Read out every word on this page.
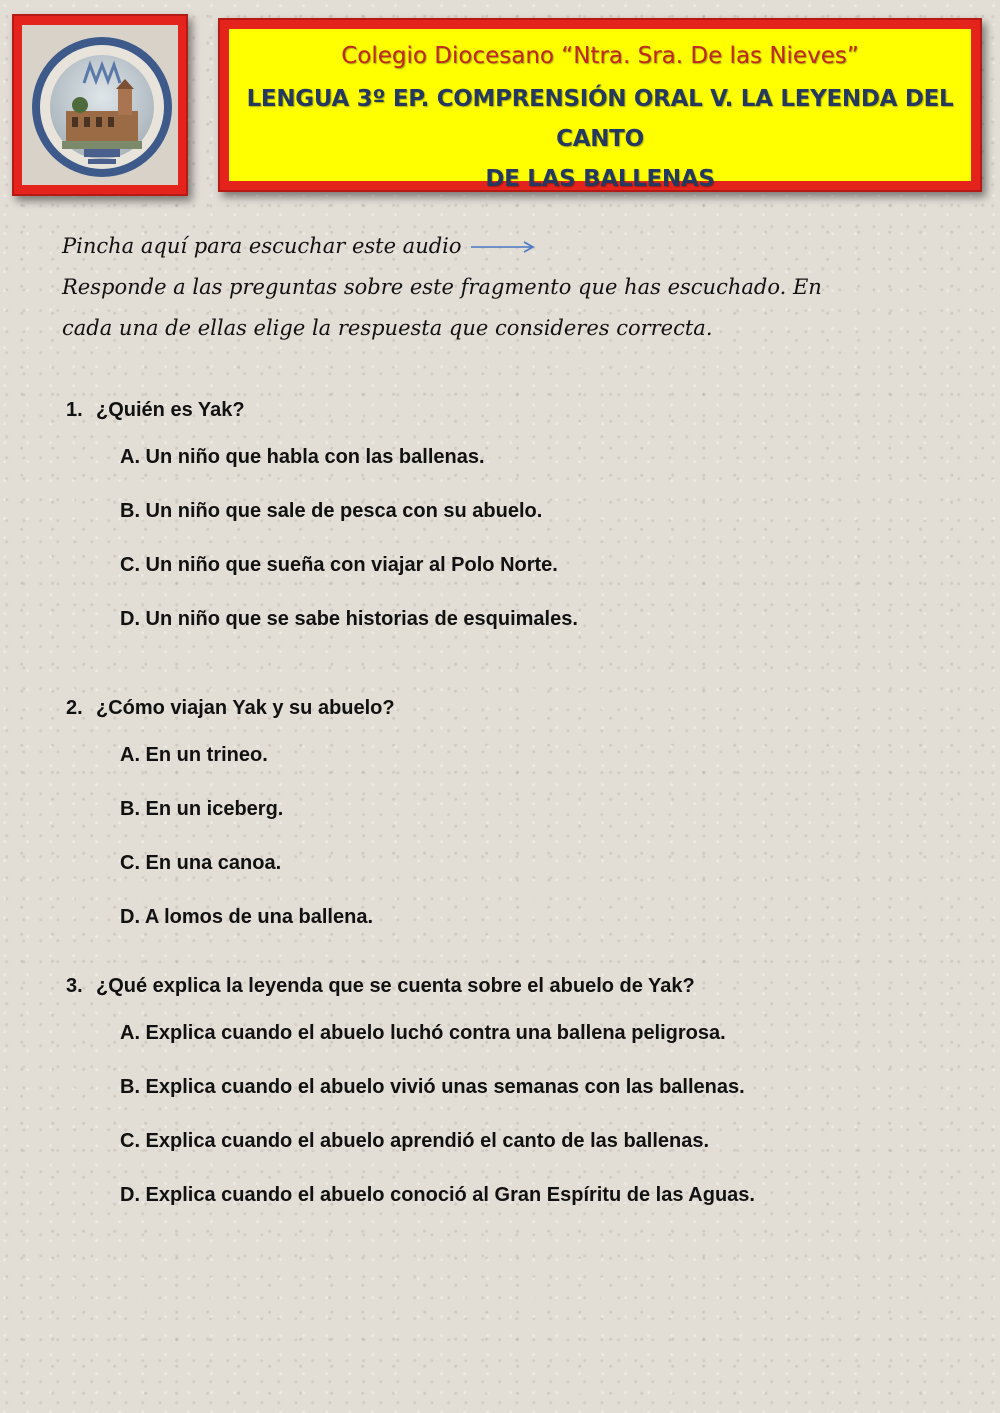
Colegio Diocesano “Ntra. Sra. De las Nieves”
LENGUA 3º EP. COMPRENSIÓN ORAL V. LA LEYENDA DEL CANTO
DE LAS BALLENAS
Pincha aquí para escuchar este audio
Responde a las preguntas sobre este fragmento que has escuchado. En
cada una de ellas elige la respuesta que consideres correcta.
1. ¿Quién es Yak?
A. Un niño que habla con las ballenas.
B. Un niño que sale de pesca con su abuelo.
C. Un niño que sueña con viajar al Polo Norte.
D. Un niño que se sabe historias de esquimales.
2. ¿Cómo viajan Yak y su abuelo?
A. En un trineo.
B. En un iceberg.
C. En una canoa.
D. A lomos de una ballena.
3. ¿Qué explica la leyenda que se cuenta sobre el abuelo de Yak?
A. Explica cuando el abuelo luchó contra una ballena peligrosa.
B. Explica cuando el abuelo vivió unas semanas con las ballenas.
C. Explica cuando el abuelo aprendió el canto de las ballenas.
D. Explica cuando el abuelo conoció al Gran Espíritu de las Aguas.
